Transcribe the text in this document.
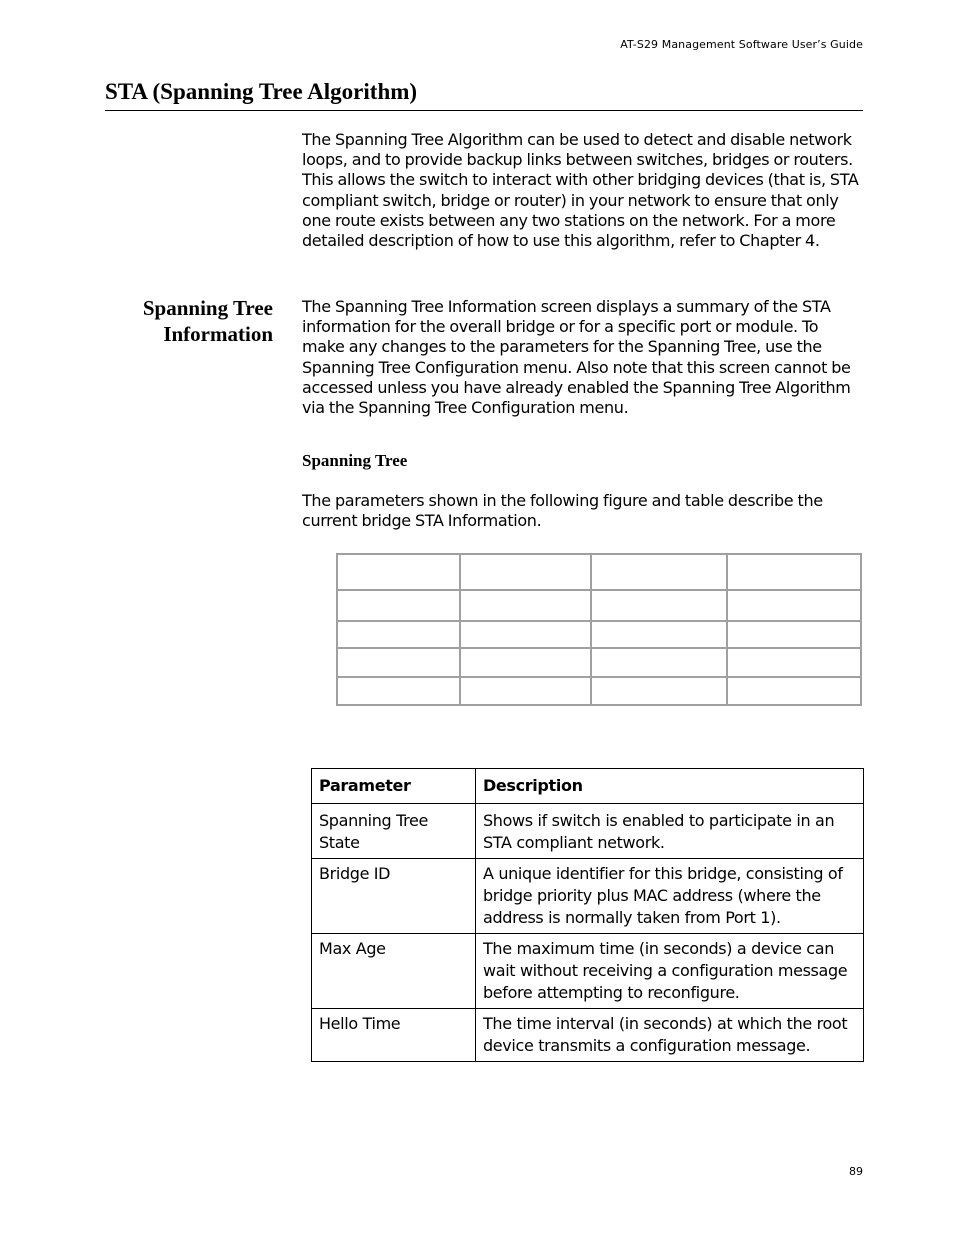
AT-S29 Management Software User’s Guide
STA (Spanning Tree Algorithm)

The Spanning Tree Algorithm can be used to detect and disable network loops, and to provide backup links between switches, bridges or routers. This allows the switch to interact with other bridging devices (that is, STA compliant switch, bridge or router) in your network to ensure that only one route exists between any two stations on the network. For a more detailed description of how to use this algorithm, refer to Chapter 4.

Spanning Tree
Information

The Spanning Tree Information screen displays a summary of the STA information for the overall bridge or for a specific port or module. To make any changes to the parameters for the Spanning Tree, use the Spanning Tree Configuration menu. Also note that this screen cannot be accessed unless you have already enabled the Spanning Tree Algorithm via the Spanning Tree Configuration menu.

Spanning Tree

The parameters shown in the following figure and table describe the current bridge STA Information.

Parameter	Description
Spanning Tree State	Shows if switch is enabled to participate in an STA compliant network.
Bridge ID	A unique identifier for this bridge, consisting of bridge priority plus MAC address (where the address is normally taken from Port 1).
Max Age	The maximum time (in seconds) a device can wait without receiving a configuration message before attempting to reconfigure.
Hello Time	The time interval (in seconds) at which the root device transmits a configuration message.
89
